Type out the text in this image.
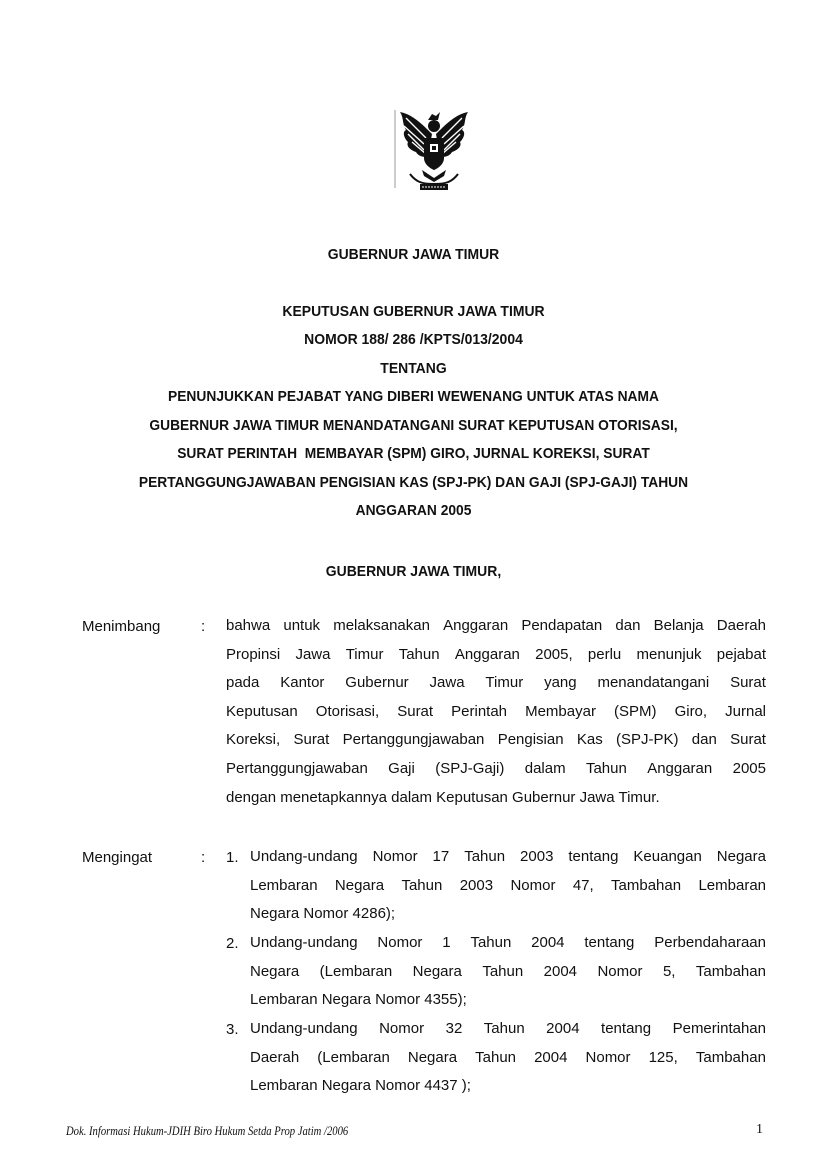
GUBERNUR JAWA TIMUR
KEPUTUSAN GUBERNUR JAWA TIMUR
NOMOR 188/ 286 /KPTS/013/2004
TENTANG
PENUNJUKKAN PEJABAT YANG DIBERI WEWENANG UNTUK ATAS NAMA
GUBERNUR JAWA TIMUR MENANDATANGANI SURAT KEPUTUSAN OTORISASI,
SURAT PERINTAH  MEMBAYAR (SPM) GIRO, JURNAL KOREKSI, SURAT
PERTANGGUNGJAWABAN PENGISIAN KAS (SPJ-PK) DAN GAJI (SPJ-GAJI) TAHUN
ANGGARAN 2005
GUBERNUR JAWA TIMUR,
Menimbang	: bahwa untuk melaksanakan Anggaran Pendapatan dan Belanja Daerah
Propinsi Jawa Timur Tahun Anggaran 2005, perlu menunjuk pejabat
pada Kantor Gubernur Jawa Timur yang menandatangani Surat
Keputusan Otorisasi, Surat Perintah Membayar (SPM) Giro, Jurnal
Koreksi, Surat Pertanggungjawaban Pengisian Kas (SPJ-PK) dan Surat
Pertanggungjawaban Gaji (SPJ-Gaji) dalam Tahun Anggaran 2005
dengan menetapkannya dalam Keputusan Gubernur Jawa Timur.
Mengingat	: 1. Undang-undang Nomor 17 Tahun 2003 tentang Keuangan Negara
Lembaran Negara Tahun 2003 Nomor 47, Tambahan Lembaran
Negara Nomor 4286);
2. Undang-undang Nomor 1 Tahun 2004 tentang Perbendaharaan
Negara (Lembaran Negara Tahun 2004 Nomor 5, Tambahan
Lembaran Negara Nomor 4355);
3. Undang-undang Nomor 32 Tahun 2004 tentang Pemerintahan
Daerah (Lembaran Negara Tahun 2004 Nomor 125, Tambahan
Lembaran Negara Nomor 4437 );
Dok. Informasi Hukum-JDIH Biro Hukum Setda Prop Jatim /2006	1
